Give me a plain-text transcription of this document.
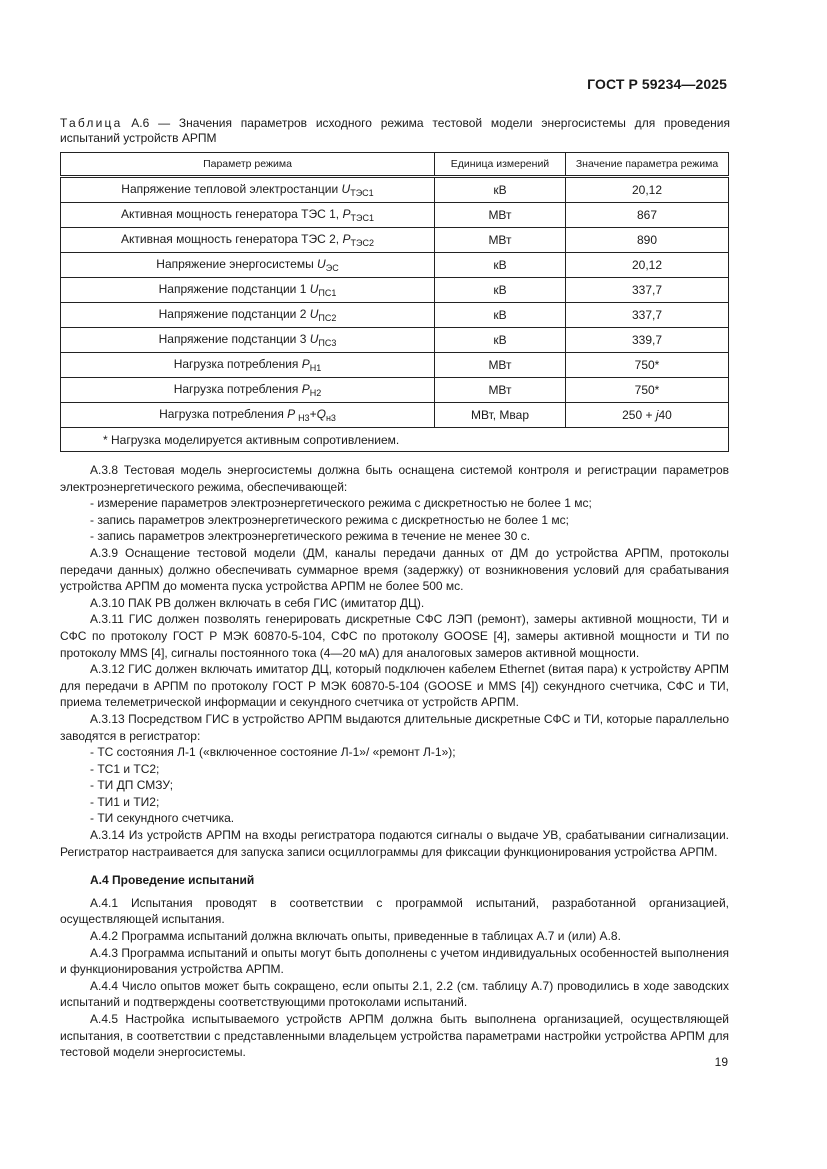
ГОСТ Р 59234—2025
Таблица А.6 — Значения параметров исходного режима тестовой модели энергосистемы для проведения испытаний устройств АРПМ
Параметр режима	Единица измерений	Значение параметра режима
Напряжение тепловой электростанции $U_{ТЭС1}$	кВ	20,12
Активная мощность генератора ТЭС 1, $P_{ТЭС1}$	МВт	867
Активная мощность генератора ТЭС 2, $P_{ТЭС2}$	МВт	890
Напряжение энергосистемы $U_{ЭС}$	кВ	20,12
Напряжение подстанции 1 $U_{ПС1}$	кВ	337,7
Напряжение подстанции 2 $U_{ПС2}$	кВ	337,7
Напряжение подстанции 3 $U_{ПС3}$	кВ	339,7
Нагрузка потребления $P_{Н1}$	МВт	750*
Нагрузка потребления $P_{Н2}$	МВт	750*
Нагрузка потребления P $_{Н3}+Q_{н3}$	МВт, Мвар	250 + j40
* Нагрузка моделируется активным сопротивлением.		

А.3.8 Тестовая модель энергосистемы должна быть оснащена системой контроля и регистрации параметров электроэнергетического режима, обеспечивающей:

- измерение параметров электроэнергетического режима с дискретностью не более 1 мс;

- запись параметров электроэнергетического режима с дискретностью не более 1 мс;

- запись параметров электроэнергетического режима в течение не менее 30 с.

А.3.9 Оснащение тестовой модели (ДМ, каналы передачи данных от ДМ до устройства АРПМ, протоколы передачи данных) должно обеспечивать суммарное время (задержку) от возникновения условий для срабатывания устройства АРПМ до момента пуска устройства АРПМ не более 500 мс.

А.3.10 ПАК РВ должен включать в себя ГИС (имитатор ДЦ).

А.3.11 ГИС должен позволять генерировать дискретные СФС ЛЭП (ремонт), замеры активной мощности, ТИ и СФС по протоколу ГОСТ Р МЭК 60870-5-104, СФС по протоколу GOOSE [4], замеры активной мощности и ТИ по протоколу MMS [4], сигналы постоянного тока (4—20 мА) для аналоговых замеров активной мощности.

А.3.12 ГИС должен включать имитатор ДЦ, который подключен кабелем Ethernet (витая пара) к устройству АРПМ для передачи в АРПМ по протоколу ГОСТ Р МЭК 60870-5-104 (GOOSE и MMS [4]) секундного счетчика, СФС и ТИ, приема телеметрической информации и секундного счетчика от устройств АРПМ.

А.3.13 Посредством ГИС в устройство АРПМ выдаются длительные дискретные СФС и ТИ, которые параллельно заводятся в регистратор:

- ТС состояния Л-1 («включенное состояние Л-1»/ «ремонт Л-1»);

- ТС1 и ТС2;

- ТИ ДП СМЗУ;

- ТИ1 и ТИ2;

- ТИ секундного счетчика.

А.3.14 Из устройств АРПМ на входы регистратора подаются сигналы о выдаче УВ, срабатывании сигнализации. Регистратор настраивается для запуска записи осциллограммы для фиксации функционирования устройства АРПМ.

А.4 Проведение испытаний

А.4.1 Испытания проводят в соответствии с программой испытаний, разработанной организацией, осуществляющей испытания.

А.4.2 Программа испытаний должна включать опыты, приведенные в таблицах А.7 и (или) А.8.

А.4.3 Программа испытаний и опыты могут быть дополнены с учетом индивидуальных особенностей выполнения и функционирования устройства АРПМ.

А.4.4 Число опытов может быть сокращено, если опыты 2.1, 2.2 (см. таблицу А.7) проводились в ходе заводских испытаний и подтверждены соответствующими протоколами испытаний.

А.4.5 Настройка испытываемого устройств АРПМ должна быть выполнена организацией, осуществляющей испытания, в соответствии с представленными владельцем устройства параметрами настройки устройства АРПМ для тестовой модели энергосистемы.

19
